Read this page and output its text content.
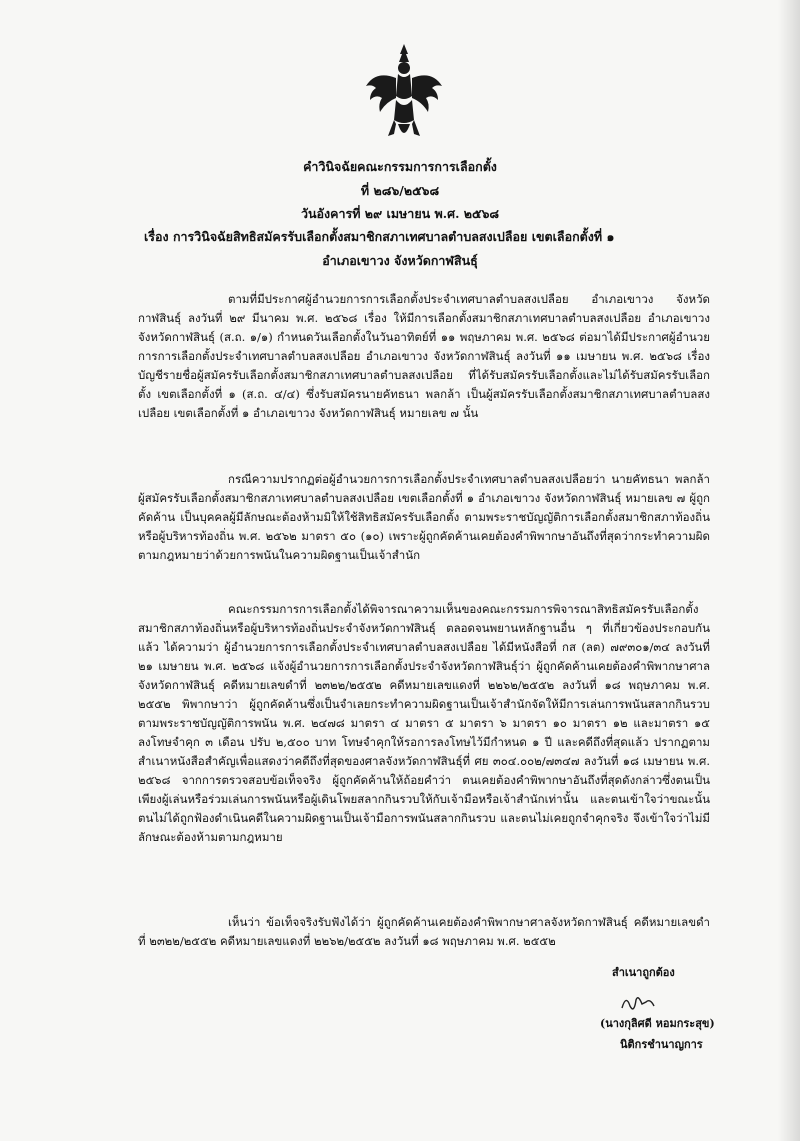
คำวินิจฉัยคณะกรรมการการเลือกตั้ง
ที่ ๒๘๖/๒๕๖๘
วันอังคารที่ ๒๙ เมษายน พ.ศ. ๒๕๖๘
เรื่อง การวินิจฉัยสิทธิสมัครรับเลือกตั้งสมาชิกสภาเทศบาลตำบลสงเปลือย เขตเลือกตั้งที่ ๑
อำเภอเขาวง จังหวัดกาฬสินธุ์
ตามที่มีประกาศผู้อำนวยการการเลือกตั้งประจำเทศบาลตำบลสงเปลือย อำเภอเขาวง จังหวัดกาฬสินธุ์ ลงวันที่ ๒๙ มีนาคม พ.ศ. ๒๕๖๘ เรื่อง ให้มีการเลือกตั้งสมาชิกสภาเทศบาลตำบลสงเปลือย อำเภอเขาวง จังหวัดกาฬสินธุ์ (ส.ถ. ๑/๑) กำหนดวันเลือกตั้งในวันอาทิตย์ที่ ๑๑ พฤษภาคม พ.ศ. ๒๕๖๘ ต่อมาได้มีประกาศผู้อำนวยการการเลือกตั้งประจำเทศบาลตำบลสงเปลือย อำเภอเขาวง จังหวัดกาฬสินธุ์ ลงวันที่ ๑๑ เมษายน พ.ศ. ๒๕๖๘ เรื่อง บัญชีรายชื่อผู้สมัครรับเลือกตั้งสมาชิกสภาเทศบาลตำบลสงเปลือย ที่ได้รับสมัครรับเลือกตั้งและไม่ได้รับสมัครรับเลือกตั้ง เขตเลือกตั้งที่ ๑ (ส.ถ. ๔/๔) ซึ่งรับสมัครนายคัทธนา พลกล้า เป็นผู้สมัครรับเลือกตั้งสมาชิกสภาเทศบาลตำบลสงเปลือย เขตเลือกตั้งที่ ๑ อำเภอเขาวง จังหวัดกาฬสินธุ์ หมายเลข ๗ นั้น
กรณีความปรากฏต่อผู้อำนวยการการเลือกตั้งประจำเทศบาลตำบลสงเปลือยว่า นายคัทธนา พลกล้า ผู้สมัครรับเลือกตั้งสมาชิกสภาเทศบาลตำบลสงเปลือย เขตเลือกตั้งที่ ๑ อำเภอเขาวง จังหวัดกาฬสินธุ์ หมายเลข ๗ ผู้ถูกคัดค้าน เป็นบุคคลผู้มีลักษณะต้องห้ามมิให้ใช้สิทธิสมัครรับเลือกตั้ง ตามพระราชบัญญัติการเลือกตั้งสมาชิกสภาท้องถิ่นหรือผู้บริหารท้องถิ่น พ.ศ. ๒๕๖๒ มาตรา ๕๐ (๑๐) เพราะผู้ถูกคัดค้านเคยต้องคำพิพากษาอันถึงที่สุดว่ากระทำความผิดตามกฎหมายว่าด้วยการพนันในความผิดฐานเป็นเจ้าสำนัก
คณะกรรมการการเลือกตั้งได้พิจารณาความเห็นของคณะกรรมการพิจารณาสิทธิสมัครรับเลือกตั้งสมาชิกสภาท้องถิ่นหรือผู้บริหารท้องถิ่นประจำจังหวัดกาฬสินธุ์ ตลอดจนพยานหลักฐานอื่น ๆ ที่เกี่ยวข้องประกอบกันแล้ว ได้ความว่า ผู้อำนวยการการเลือกตั้งประจำเทศบาลตำบลสงเปลือย ได้มีหนังสือที่ กส (ลต) ๗๙๓๐๑/๓๔ ลงวันที่ ๒๑ เมษายน พ.ศ. ๒๕๖๘ แจ้งผู้อำนวยการการเลือกตั้งประจำจังหวัดกาฬสินธุ์ว่า ผู้ถูกคัดค้านเคยต้องคำพิพากษาศาลจังหวัดกาฬสินธุ์ คดีหมายเลขดำที่ ๒๓๒๒/๒๕๕๒ คดีหมายเลขแดงที่ ๒๒๖๒/๒๕๕๒ ลงวันที่ ๑๘ พฤษภาคม พ.ศ. ๒๕๕๒ พิพากษาว่า ผู้ถูกคัดค้านซึ่งเป็นจำเลยกระทำความผิดฐานเป็นเจ้าสำนักจัดให้มีการเล่นการพนันสลากกินรวบ ตามพระราชบัญญัติการพนัน พ.ศ. ๒๔๗๘ มาตรา ๔ มาตรา ๕ มาตรา ๖ มาตรา ๑๐ มาตรา ๑๒ และมาตรา ๑๕ ลงโทษจำคุก ๓ เดือน ปรับ ๒,๕๐๐ บาท โทษจำคุกให้รอการลงโทษไว้มีกำหนด ๑ ปี และคดีถึงที่สุดแล้ว ปรากฏตามสำเนาหนังสือสำคัญเพื่อแสดงว่าคดีถึงที่สุดของศาลจังหวัดกาฬสินธุ์ที่ ศย ๓๐๔.๐๐๒/๗๓๔๗ ลงวันที่ ๑๘ เมษายน พ.ศ. ๒๕๖๘ จากการตรวจสอบข้อเท็จจริง ผู้ถูกคัดค้านให้ถ้อยคำว่า ตนเคยต้องคำพิพากษาอันถึงที่สุดดังกล่าวซึ่งตนเป็นเพียงผู้เล่นหรือร่วมเล่นการพนันหรือผู้เดินโพยสลากกินรวบให้กับเจ้ามือหรือเจ้าสำนักเท่านั้น และตนเข้าใจว่าขณะนั้นตนไม่ได้ถูกฟ้องดำเนินคดีในความผิดฐานเป็นเจ้ามือการพนันสลากกินรวบ และตนไม่เคยถูกจำคุกจริง จึงเข้าใจว่าไม่มีลักษณะต้องห้ามตามกฎหมาย
เห็นว่า ข้อเท็จจริงรับฟังได้ว่า ผู้ถูกคัดค้านเคยต้องคำพิพากษาศาลจังหวัดกาฬสินธุ์ คดีหมายเลขดำที่ ๒๓๒๒/๒๕๕๒ คดีหมายเลขแดงที่ ๒๒๖๒/๒๕๕๒ ลงวันที่ ๑๘ พฤษภาคม พ.ศ. ๒๕๕๒
สำเนาถูกต้อง
(นางกุลิศดี หอมกระสุข)
นิติกรชำนาญการ
